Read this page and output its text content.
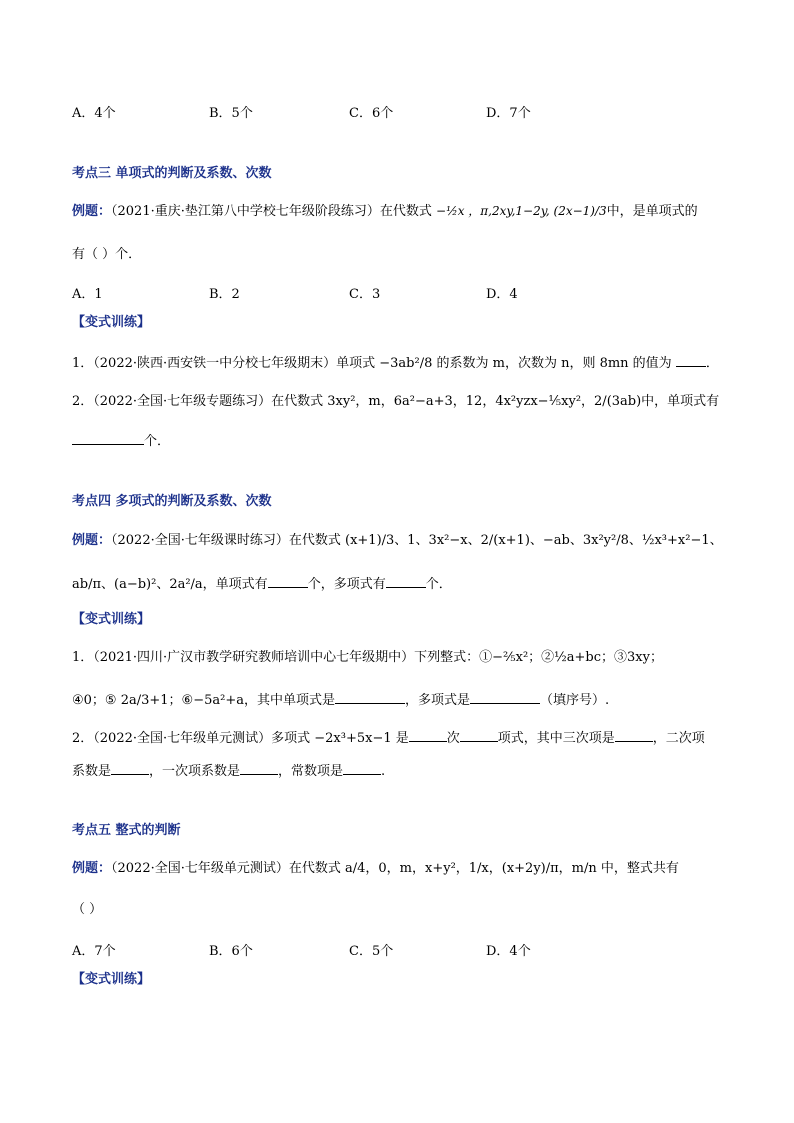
A．4个	B．5个	C．6个	D．7个
考点三 单项式的判断及系数、次数
例题：（2021·重庆·垫江第八中学校七年级阶段练习）在代数式 −½x ，π,2xy,1−2y, (2x−1)/3中，是单项式的
有（ ）个．
A．1	B．2	C．3	D．4
【变式训练】
1．（2022·陕西·西安铁一中分校七年级期末）单项式 −3ab²/8 的系数为 m，次数为 n，则 8mn 的值为	．
2．（2022·全国·七年级专题练习）在代数式 3xy²，m，6a²−a+3，12，4x²yzx−⅕xy²，2/(3ab)中，单项式有
个．
考点四 多项式的判断及系数、次数
例题：（2022·全国·七年级课时练习）在代数式 (x+1)/3、1、3x²−x、2/(x+1)、−ab、3x²y²/8、½x³+x²−1、
ab/π、(a−b)²、2a²/a，单项式有	个，多项式有	个．
【变式训练】
1．（2021·四川·广汉市教学研究教师培训中心七年级期中）下列整式：①−⅖x²；②½a+bc；③3xy；
④0；⑤ 2a/3+1；⑥−5a²+a，其中单项式是	，多项式是	（填序号）.
2．（2022·全国·七年级单元测试）多项式 −2x³+5x−1 是	次	项式，其中三次项是	，二次项
系数是	，一次项系数是	，常数项是	.
考点五 整式的判断
例题：（2022·全国·七年级单元测试）在代数式 a/4，0，m，x+y²，1/x，(x+2y)/π，m/n 中，整式共有
（ ）
A．7个	B．6个	C．5个	D．4个
【变式训练】
